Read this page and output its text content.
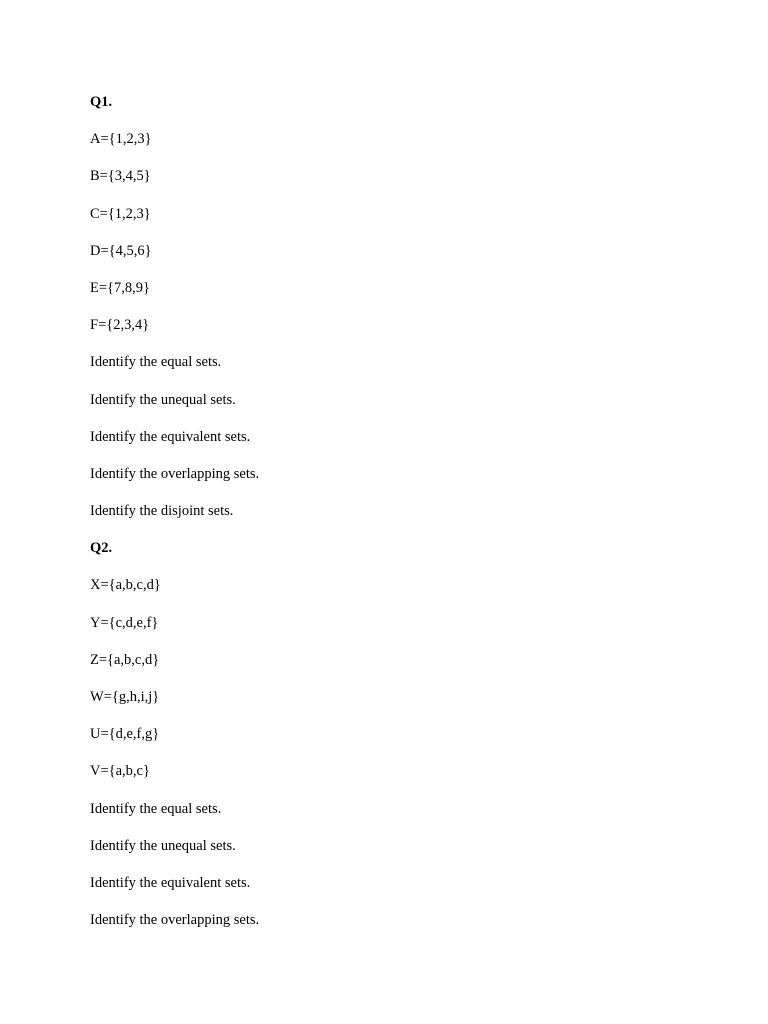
Q1.
A={1,2,3}
B={3,4,5}
C={1,2,3}
D={4,5,6}
E={7,8,9}
F={2,3,4}
Identify the equal sets.
Identify the unequal sets.
Identify the equivalent sets.
Identify the overlapping sets.
Identify the disjoint sets.
Q2.
X={a,b,c,d}
Y={c,d,e,f}
Z={a,b,c,d}
W={g,h,i,j}
U={d,e,f,g}
V={a,b,c}
Identify the equal sets.
Identify the unequal sets.
Identify the equivalent sets.
Identify the overlapping sets.
